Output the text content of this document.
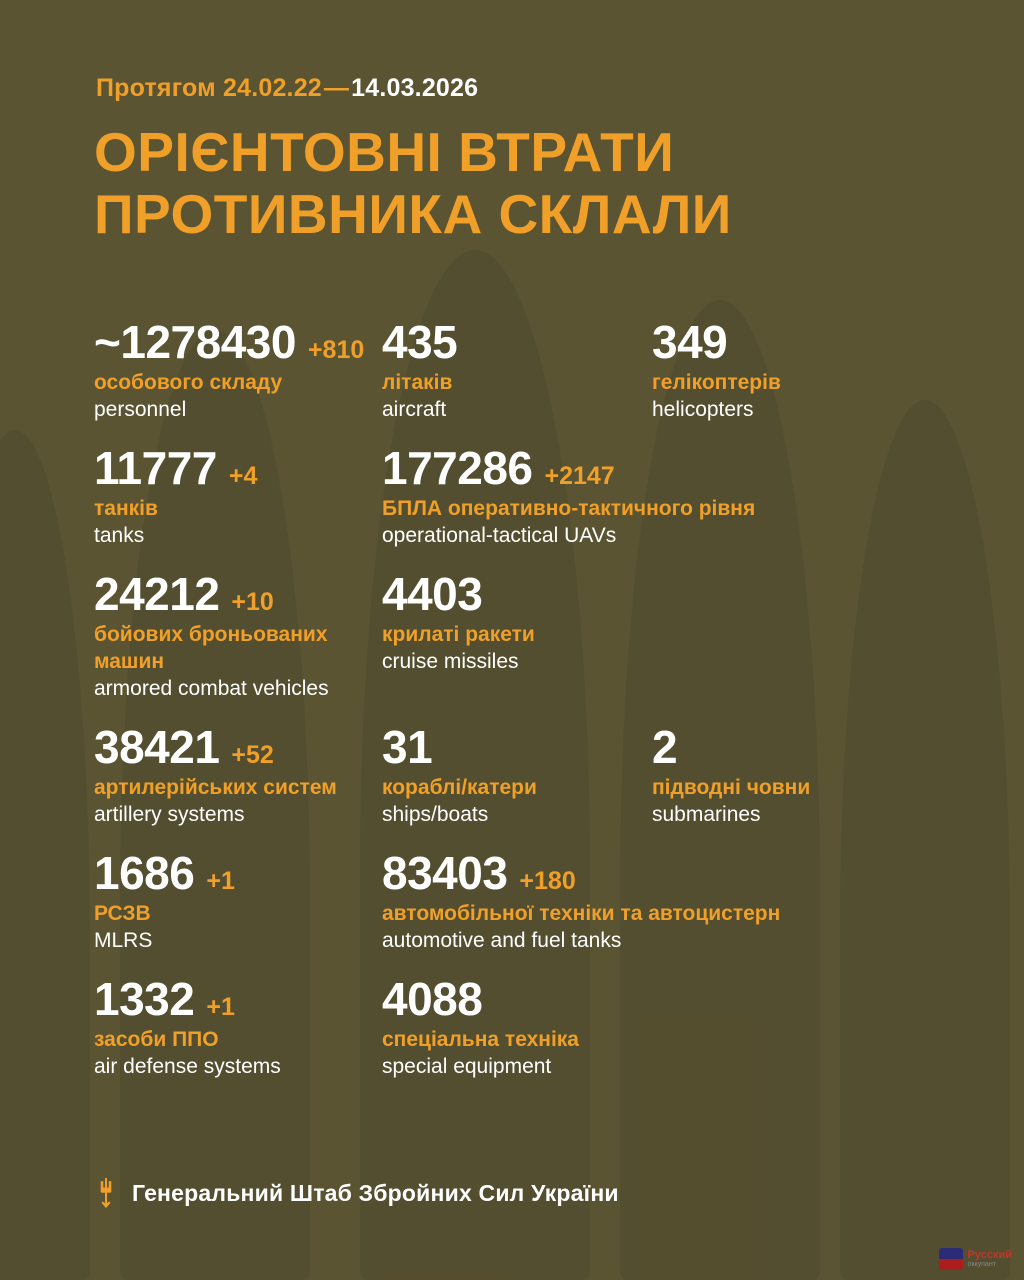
Протягом 24.02.22—14.03.2026
ОРІЄНТОВНІ ВТРАТИ
ПРОТИВНИКА СКЛАЛИ
~1278430 +810
особового складу
personnel
435
літаків
aircraft
349
гелікоптерів
helicopters
11777 +4
танків
tanks
177286 +2147
БПЛА оперативно-тактичного рівня
operational-tactical UAVs
24212 +10
бойових броньованих машин
armored combat vehicles
4403
крилаті ракети
cruise missiles
38421 +52
артилерійських систем
artillery systems
31
кораблі/катери
ships/boats
2
підводні човни
submarines
1686 +1
РСЗВ
MLRS
83403 +180
автомобільної техніки та автоцистерн
automotive and fuel tanks
1332 +1
засоби ППО
air defense systems
4088
спеціальна техніка
special equipment
Генеральний Штаб Збройних Сил України
Русский
оккупант
